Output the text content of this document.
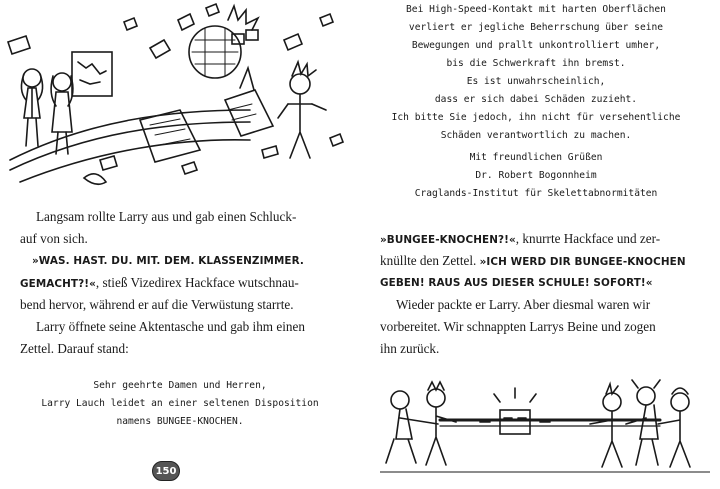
Langsam rollte Larry aus und gab einen Schluck-
auf von sich.
»WAS. HAST. DU. MIT. DEM. KLASSENZIMMER.
GEMACHT?!«, stieß Vizedirex Hackface wutschnau-
bend hervor, während er auf die Verwüstung starrte.
Larry öffnete seine Aktentasche und gab ihm einen
Zettel. Darauf stand:
Sehr geehrte Damen und Herren,
Larry Lauch leidet an einer seltenen Disposition
namens BUNGEE-KNOCHEN.
150
Bei High-Speed-Kontakt mit harten Oberflächen
verliert er jegliche Beherrschung über seine
Bewegungen und prallt unkontrolliert umher,
bis die Schwerkraft ihn bremst.
Es ist unwahrscheinlich,
dass er sich dabei Schäden zuzieht.
Ich bitte Sie jedoch, ihn nicht für versehentliche
Schäden verantwortlich zu machen.
Mit freundlichen Grüßen
Dr. Robert Bogonnheim
Craglands-Institut für Skelettabnormitäten
»BUNGEE-KNOCHEN?!«, knurrte Hackface und zer-
knüllte den Zettel. »ICH WERD DIR BUNGEE-KNOCHEN
GEBEN! RAUS AUS DIESER SCHULE! SOFORT!«
Wieder packte er Larry. Aber diesmal waren wir
vorbereitet. Wir schnappten Larrys Beine und zogen
ihn zurück.
